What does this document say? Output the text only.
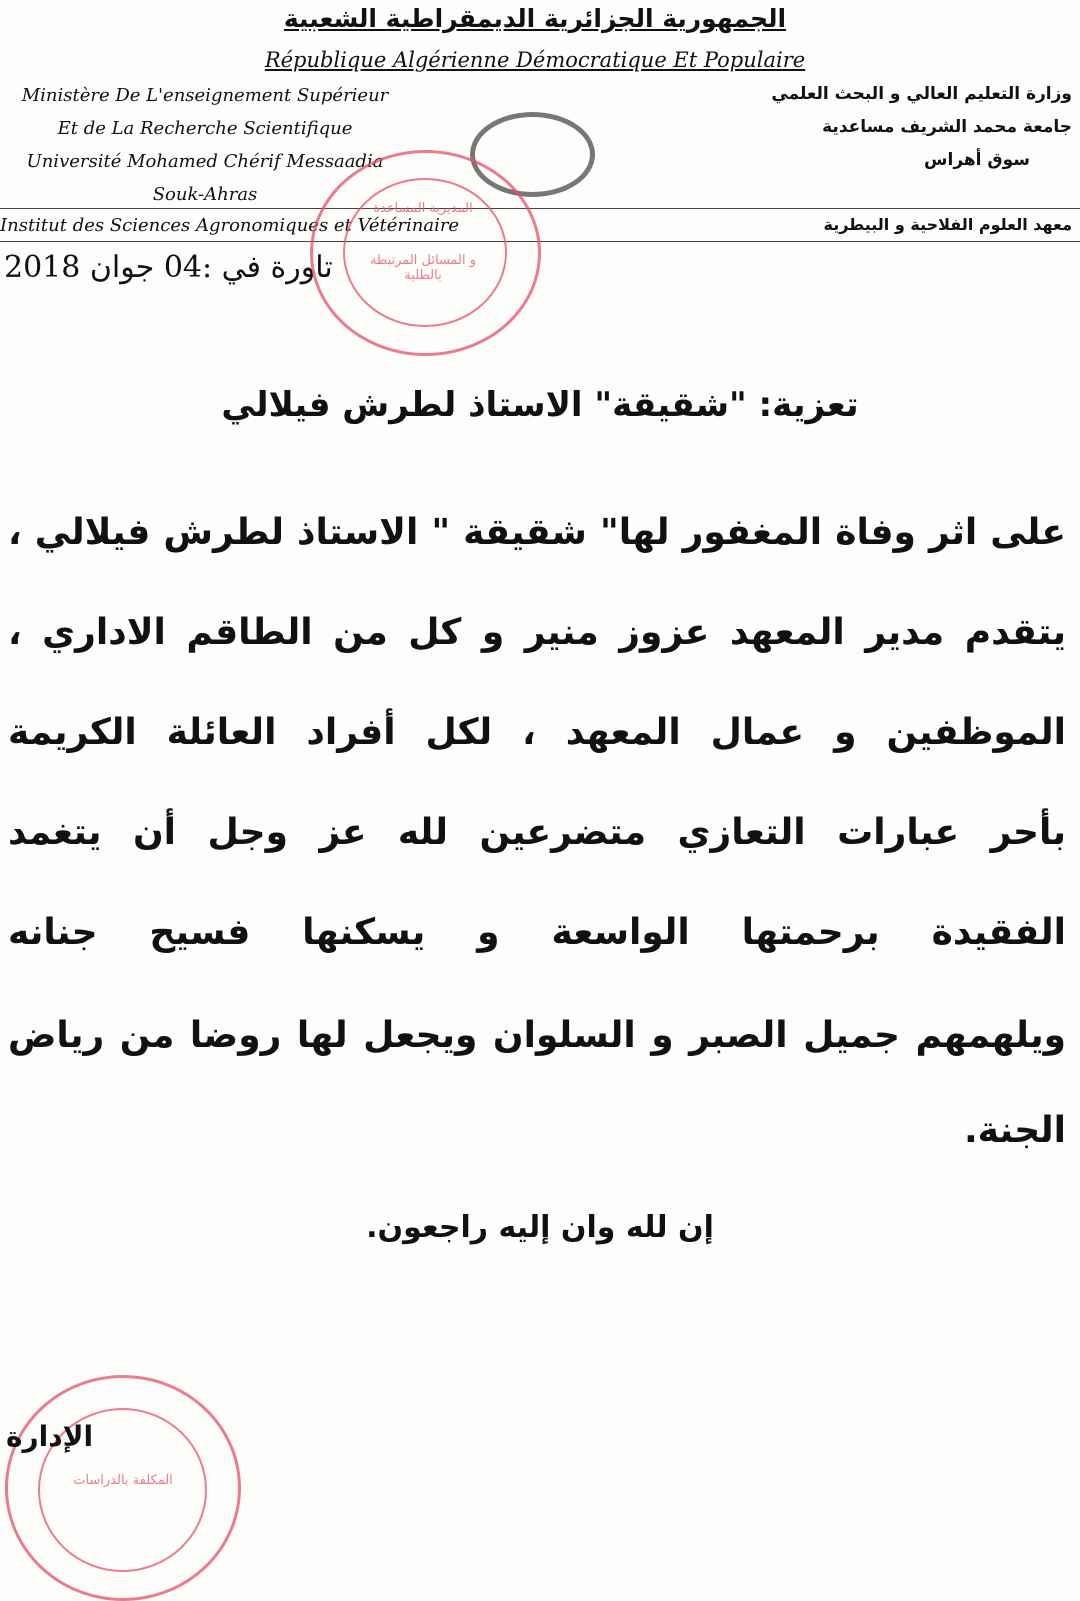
الجمهورية الجزائرية الديمقراطية الشعبية
République Algérienne Démocratique Et Populaire
Ministère De L'enseignement Supérieur
Et de La Recherche Scientifique
Université Mohamed Chérif Messaadia
Souk-Ahras
وزارة التعليم العالي و البحث العلمي
جامعة محمد الشريف مساعدية
سوق أهراس
Institut des Sciences Agronomiques et Vétérinaire	معهد العلوم الفلاحية و البيطرية
تاورة في :04 جوان 2018
المديرية المساعدة
و المسائل المرتبطة بالطلبة
تعزية: "شقيقة" الاستاذ لطرش فيلالي
على اثر وفاة المغفور لها" شقيقة " الاستاذ لطرش فيلالي ،
يتقدم مدير المعهد عزوز منير و كل من الطاقم الاداري ،
الموظفين و عمال المعهد ، لكل أفراد العائلة الكريمة
بأحر عبارات التعازي متضرعين لله عز وجل أن يتغمد
الفقيدة برحمتها الواسعة و يسكنها فسيح جنانه
ويلهمهم جميل الصبر و السلوان ويجعل لها روضا من رياض
الجنة.
إن لله وان إليه راجعون.
المكلفة بالدراسات
الإدارة
